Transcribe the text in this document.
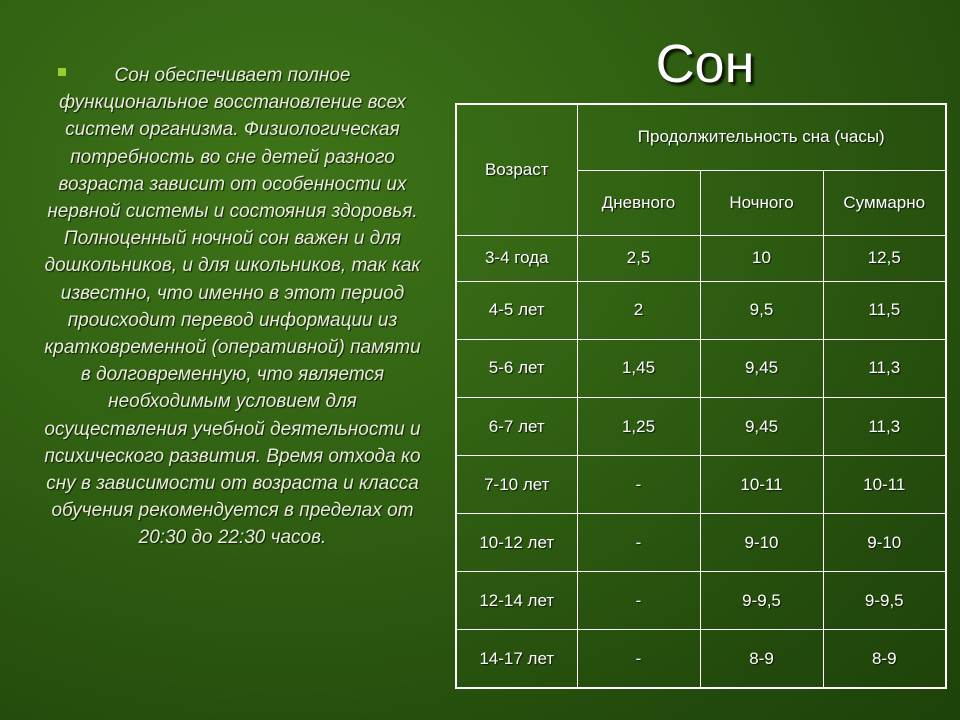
Сон обеспечивает полное функциональное восстановление всех систем организма. Физиологическая потребность во сне детей разного возраста зависит от особенности их нервной системы и состояния здоровья. Полноценный ночной сон важен и для дошкольников, и для школьников, так как известно, что именно в этот период происходит перевод информации из кратковременной (оперативной) памяти в долговременную, что является необходимым условием для осуществления учебной деятельности и психического развития. Время отхода ко сну в зависимости от возраста и класса обучения рекомендуется в пределах от 20:30 до 22:30 часов.

Сон
Возраст	Продолжительность сна (часы)		
	Дневного	Ночного	Суммарно
3-4 года	2,5	10	12,5
4-5 лет	2	9,5	11,5
5-6 лет	1,45	9,45	11,3
6-7 лет	1,25	9,45	11,3
7-10 лет	-	10-11	10-11
10-12 лет	-	9-10	9-10
12-14 лет	-	9-9,5	9-9,5
14-17 лет	-	8-9	8-9
